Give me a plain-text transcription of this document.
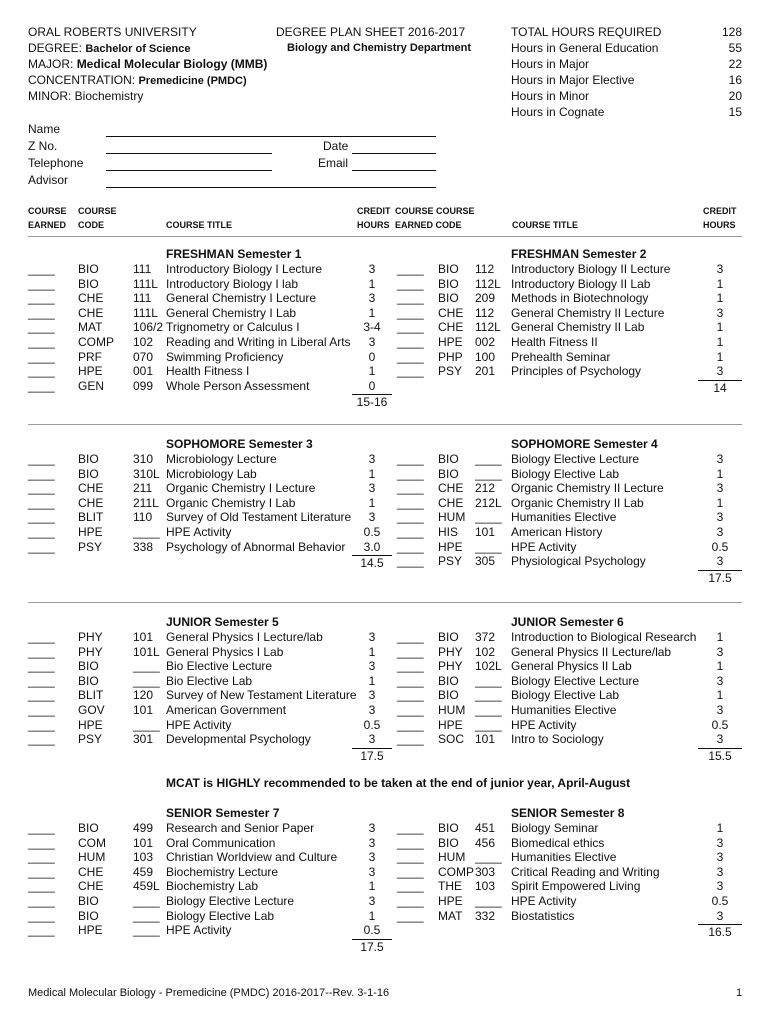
ORAL ROBERTS UNIVERSITY
DEGREE: Bachelor of Science
MAJOR: Medical Molecular Biology (MMB)
CONCENTRATION: Premedicine (PMDC)
MINOR: Biochemistry
DEGREE PLAN SHEET 2016-2017
Biology and Chemistry Department
TOTAL HOURS REQUIRED	128
Hours in General Education	55
Hours in Major	22
Hours in Major Elective	16
Hours in Minor	20
Hours in Cognate	15
Name
Z No.	Date
Telephone	Email
Advisor
COURSE
EARNED
COURSE
CODE	COURSE TITLE
CREDIT
HOURS
COURSE COURSE
EARNED CODE	COURSE TITLE
CREDIT
HOURS
MCAT is HIGHLY recommended to be taken at the end of junior year, April-August
FRESHMAN Semester 1
____ BIO	111 Introductory Biology I Lecture	3
____ BIO	111L Introductory Biology I lab	1
____ CHE 111 General Chemistry I Lecture	3
____ CHE 111L General Chemistry I Lab	1
____ MAT	106/2 Trignometry or Calculus I	3-4
____ COMP 102 Reading and Writing in Liberal Arts	3
____ PRF	070 Swimming Proficiency	0
____ HPE	001 Health Fitness I	1
____ GEN 099 Whole Person Assessment	0
15-16
FRESHMAN Semester 2
____ BIO 112 Introductory Biology II Lecture	3
____ BIO 112L Introductory Biology II Lab	1
____ BIO 209 Methods in Biotechnology	1
____ CHE 112 General Chemistry II Lecture	3
____ CHE 112L General Chemistry II Lab	1
____ HPE 002 Health Fitness II	1
____ PHP 100 Prehealth Seminar	1
____ PSY 201 Principles of Psychology	3
14
SOPHOMORE Semester 3
____ BIO	310 Microbiology Lecture	3
____ BIO	310L Microbiology Lab	1
____ CHE 211 Organic Chemistry I Lecture	3
____ CHE 211L Organic Chemistry I Lab	1
____ BLIT 110 Survey of Old Testament Literature	3
____ HPE	____ HPE Activity	0.5
____ PSY	338 Psychology of Abnormal Behavior	3.0
14.5
SOPHOMORE Semester 4
____ BIO ____ Biology Elective Lecture	3
____ BIO ____ Biology Elective Lab	1
____ CHE 212 Organic Chemistry II Lecture	3
____ CHE 212L Organic Chemistry II Lab	1
____ HUM ____ Humanities Elective	3
____ HIS 101 American History	3
____ HPE ____ HPE Activity	0.5
____ PSY 305 Physiological Psychology	3
17.5
JUNIOR Semester 5
____ PHY	101 General Physics I Lecture/lab	3
____ PHY	101L General Physics I Lab	1
____ BIO	____ Bio Elective Lecture	3
____ BIO	____ Bio Elective Lab	1
____ BLIT 120 Survey of New Testament Literature	3
____ GOV 101 American Government	3
____ HPE	____ HPE Activity	0.5
____ PSY	301 Developmental Psychology	3
17.5
JUNIOR Semester 6
____ BIO 372 Introduction to Biological Research	1
____ PHY 102 General Physics II Lecture/lab	3
____ PHY 102L General Physics II Lab	1
____ BIO ____ Biology Elective Lecture	3
____ BIO ____ Biology Elective Lab	1
____ HUM ____ Humanities Elective	3
____ HPE ____ HPE Activity	0.5
____ SOC 101 Intro to Sociology	3
15.5
SENIOR Semester 7
____ BIO	499 Research and Senior Paper	3
____ COM 101 Oral Communication	3
____ HUM 103 Christian Worldview and Culture	3
____ CHE 459 Biochemistry Lecture	3
____ CHE 459L Biochemistry Lab	1
____ BIO	____ Biology Elective Lecture	3
____ BIO	____ Biology Elective Lab	1
____ HPE	____ HPE Activity	0.5
17.5
SENIOR Semester 8
____ BIO 451 Biology Seminar	1
____ BIO 456 Biomedical ethics	3
____ HUM ____ Humanities Elective	3
____ COMP 303 Critical Reading and Writing	3
____ THE 103 Spirit Empowered Living	3
____ HPE ____ HPE Activity	0.5
____ MAT 332 Biostatistics	3
16.5
Medical Molecular Biology - Premedicine (PMDC) 2016-2017--Rev. 3-1-16	1
